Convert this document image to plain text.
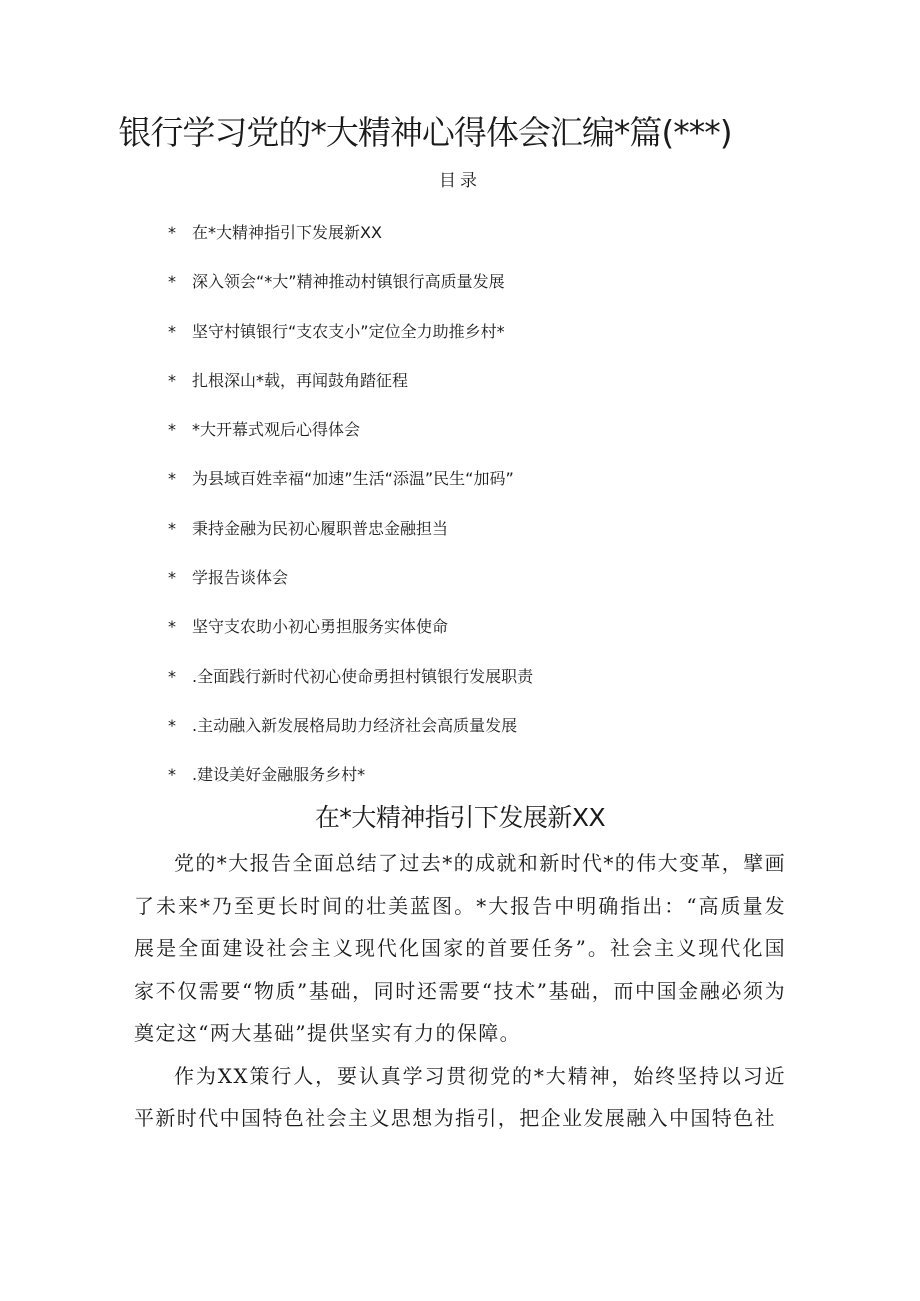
银行学习党的*大精神心得体会汇编*篇(***)
目录
*	在*大精神指引下发展新XX
*	深入领会“*大”精神推动村镇银行高质量发展
*	坚守村镇银行“支农支小”定位全力助推乡村*
*	扎根深山*载，再闻鼓角踏征程
*	*大开幕式观后心得体会
*	为县域百姓幸福“加速”生活“添温”民生“加码”
*	秉持金融为民初心履职普忠金融担当
*	学报告谈体会
*	坚守支农助小初心勇担服务实体使命
*	.全面践行新时代初心使命勇担村镇银行发展职责
*	.主动融入新发展格局助力经济社会高质量发展
*	.建设美好金融服务乡村*
在*大精神指引下发展新XX

党的*大报告全面总结了过去*的成就和新时代*的伟大变革，擘画了未来*乃至更长时间的壮美蓝图。*大报告中明确指出：“高质量发展是全面建设社会主义现代化国家的首要任务”。社会主义现代化国家不仅需要“物质”基础，同时还需要“技术”基础，而中国金融必须为奠定这“两大基础”提供坚实有力的保障。

作为XX策行人，要认真学习贯彻党的*大精神，始终坚持以习近平新时代中国特色社会主义思想为指引，把企业发展融入中国特色社
